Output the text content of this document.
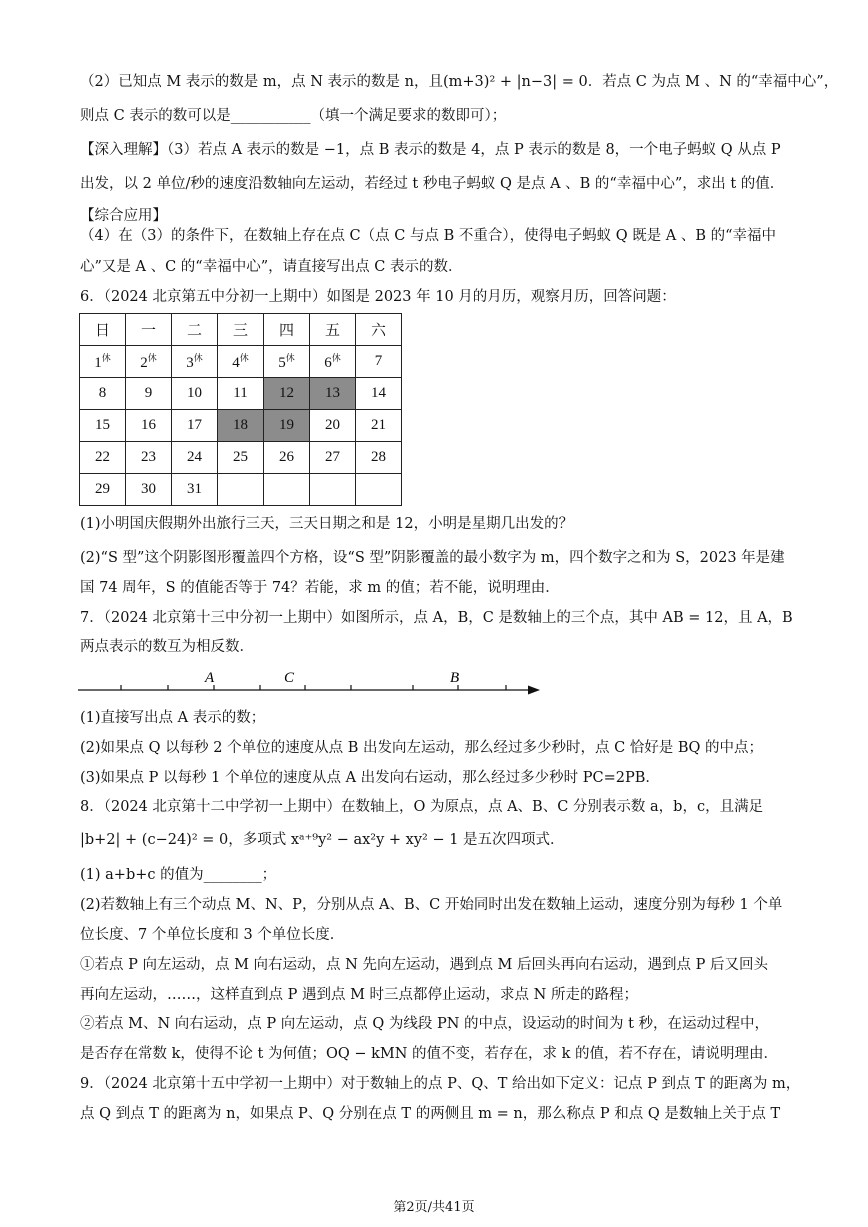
（2）已知点 M 表示的数是 m，点 N 表示的数是 n，且(m+3)² + |n−3| = 0．若点 C 为点 M 、N 的“幸福中心”，
则点 C 表示的数可以是___________（填一个满足要求的数即可）；
【深入理解】（3）若点 A 表示的数是 −1，点 B 表示的数是 4，点 P 表示的数是 8，一个电子蚂蚁 Q 从点 P
出发，以 2 单位/秒的速度沿数轴向左运动，若经过 t 秒电子蚂蚁 Q 是点 A 、B 的“幸福中心”，求出 t 的值．
【综合应用】
（4）在（3）的条件下，在数轴上存在点 C（点 C 与点 B 不重合），使得电子蚂蚁 Q 既是 A 、B 的“幸福中
心”又是 A 、C 的“幸福中心”，请直接写出点 C 表示的数．
6．（2024 北京第五中分初一上期中）如图是 2023 年 10 月的月历，观察月历，回答问题：
日	一	二	三	四	五	六
$1^休$	$2^休$	$3^休$	$4^休$	$5^休$	$6^休$	7
8	9	10	11	12	13	14
15	16	17	18	19	20	21
22	23	24	25	26	27	28
29	30	31				
(1)小明国庆假期外出旅行三天，三天日期之和是 12，小明是星期几出发的？
(2)“S 型”这个阴影图形覆盖四个方格，设“S 型”阴影覆盖的最小数字为 m，四个数字之和为 S，2023 年是建
国 74 周年，S 的值能否等于 74？若能，求 m 的值；若不能，说明理由．
7．（2024 北京第十三中分初一上期中）如图所示，点 A，B，C 是数轴上的三个点，其中 AB = 12，且 A，B
两点表示的数互为相反数．
A	C	B
(1)直接写出点 A 表示的数；
(2)如果点 Q 以每秒 2 个单位的速度从点 B 出发向左运动，那么经过多少秒时，点 C 恰好是 BQ 的中点；
(3)如果点 P 以每秒 1 个单位的速度从点 A 出发向右运动，那么经过多少秒时 PC=2PB．
8．（2024 北京第十二中学初一上期中）在数轴上，O 为原点，点 A、B、C 分别表示数 a，b，c，且满足
|b+2| + (c−24)² = 0，多项式 xᵃ⁺⁹y² − ax²y + xy² − 1 是五次四项式．
(1) a+b+c 的值为________；
(2)若数轴上有三个动点 M、N、P，分别从点 A、B、C 开始同时出发在数轴上运动，速度分别为每秒 1 个单
位长度、7 个单位长度和 3 个单位长度．
①若点 P 向左运动，点 M 向右运动，点 N 先向左运动，遇到点 M 后回头再向右运动，遇到点 P 后又回头
再向左运动，……，这样直到点 P 遇到点 M 时三点都停止运动，求点 N 所走的路程；
②若点 M、N 向右运动，点 P 向左运动，点 Q 为线段 PN 的中点，设运动的时间为 t 秒，在运动过程中，
是否存在常数 k，使得不论 t 为何值；OQ − kMN 的值不变，若存在，求 k 的值，若不存在，请说明理由．
9．（2024 北京第十五中学初一上期中）对于数轴上的点 P、Q、T 给出如下定义：记点 P 到点 T 的距离为 m，
点 Q 到点 T 的距离为 n，如果点 P、Q 分别在点 T 的两侧且 m = n，那么称点 P 和点 Q 是数轴上关于点 T
第2页/共41页
